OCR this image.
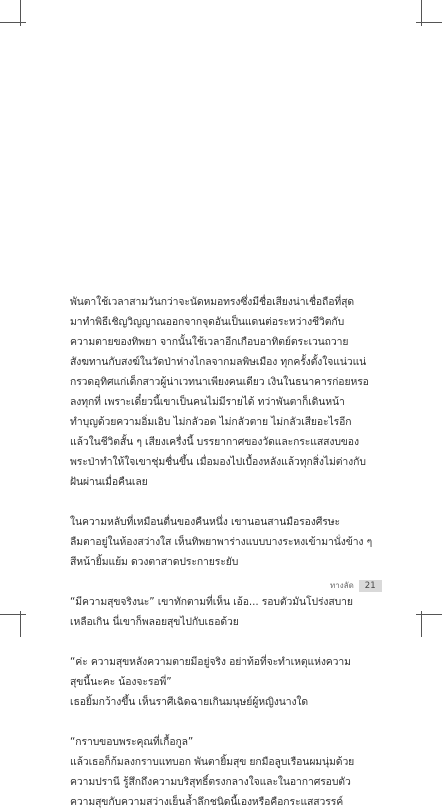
พันตาใช้เวลาสามวันกว่าจะนัดหมอทรงซึ่งมีชื่อเสียงน่าเชื่อถือที่สุด
มาทำพิธีเชิญวิญญาณออกจากจุดอันเป็นแดนต่อระหว่างชีวิตกับ
ความตายของทิพยา จากนั้นใช้เวลาอีกเกือบอาทิตย์ตระเวนถวาย
สังฆทานกับสงฆ์ในวัดป่าห่างไกลจากมลพิษเมือง ทุกครั้งตั้งใจแน่วแน่
กรวดอุทิศแก่เด็กสาวผู้น่าเวทนาเพียงคนเดียว เงินในธนาคารก่อยหรอ
ลงทุกที่ เพราะเดี๋ยวนี้เขาเป็นคนไม่มีรายได้ ทว่าพันตาก็เดินหน้า
ทำบุญด้วยความอิ่มเอิบ ไม่กลัวอด ไม่กลัวตาย ไม่กลัวเสียอะไรอีก
แล้วในชีวิตสั้น ๆ เสียงเครื่งนี้ บรรยากาศของวัดและกระแสสงบของ
พระป่าทำให้ใจเขาชุ่มชื่นขึ้น เมื่อมองไปเบื้องหลังแล้วทุกสิ่งไม่ต่างกับ
ฝันผ่านเมื่อคืนเลย
ในความหลับที่เหมือนตื่นของคืนหนึ่ง เขานอนสานมือรองศีรษะ
ลืมตาอยู่ในห้องสว่างใส เห็นทิพยาพาร่างแบบบางระหงเข้ามานั่งข้าง ๆ
สีหน้ายิ้มแย้ม ดวงตาสาดประกายระยับ
“มีความสุขจริงนะ” เขาทักตามที่เห็น เอ้อ... รอบตัวมันโปร่งสบาย
เหลือเกิน นี่เขาก็พลอยสุขไปกับเธอด้วย
“ค่ะ ความสุขหลังความตายมีอยู่จริง อย่าท้อที่จะทำเหตุแห่งความ
สุขนี้นะคะ น้องจะรอพี่”
เธอยิ้มกว้างขึ้น เห็นราศีเฉิดฉายเกินมนุษย์ผู้หญิงนางใด
“กราบขอบพระคุณที่เกื้อกูล”
แล้วเธอก็ก้มลงกราบแทบอก พันตายิ้มสุข ยกมือลูบเรือนผมนุ่มด้วย
ความปรานี รู้สึกถึงความบริสุทธิ์ตรงกลางใจและในอากาศรอบตัว
ความสุขกับความสว่างเย็นล้ำลึกชนิดนี้เองหรือคือกระแสสวรรค์
ทางลัด	21
